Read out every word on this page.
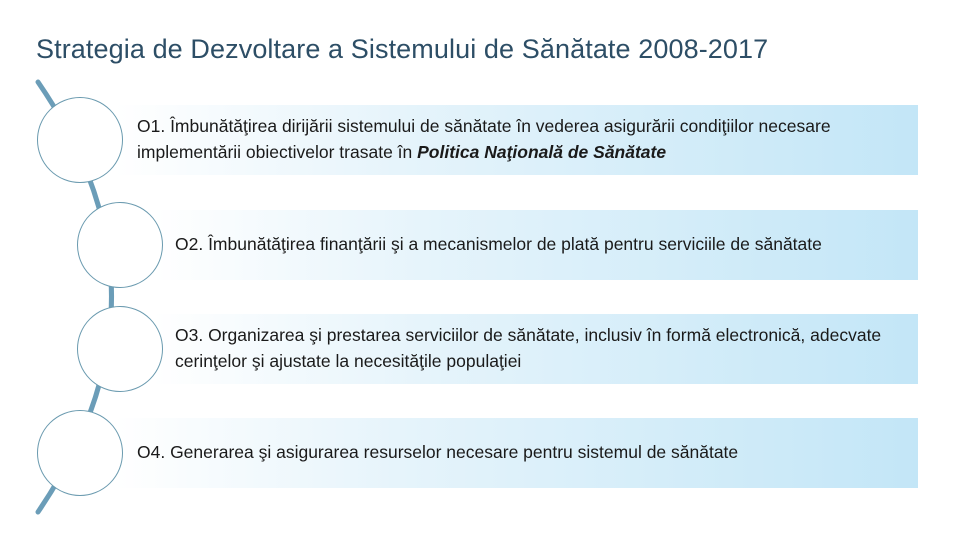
Strategia de Dezvoltare a Sistemului de Sănătate 2008-2017
O1. Îmbunătăţirea dirijării sistemului de sănătate în vederea asigurării condiţiilor necesare implementării obiectivelor trasate în Politica Naţională de Sănătate
O2. Îmbunătăţirea finanţării şi a mecanismelor de plată pentru serviciile de sănătate
O3. Organizarea şi prestarea serviciilor de sănătate, inclusiv în formă electronică, adecvate cerinţelor şi ajustate la necesităţile populaţiei
O4. Generarea şi asigurarea resurselor necesare pentru sistemul de sănătate
